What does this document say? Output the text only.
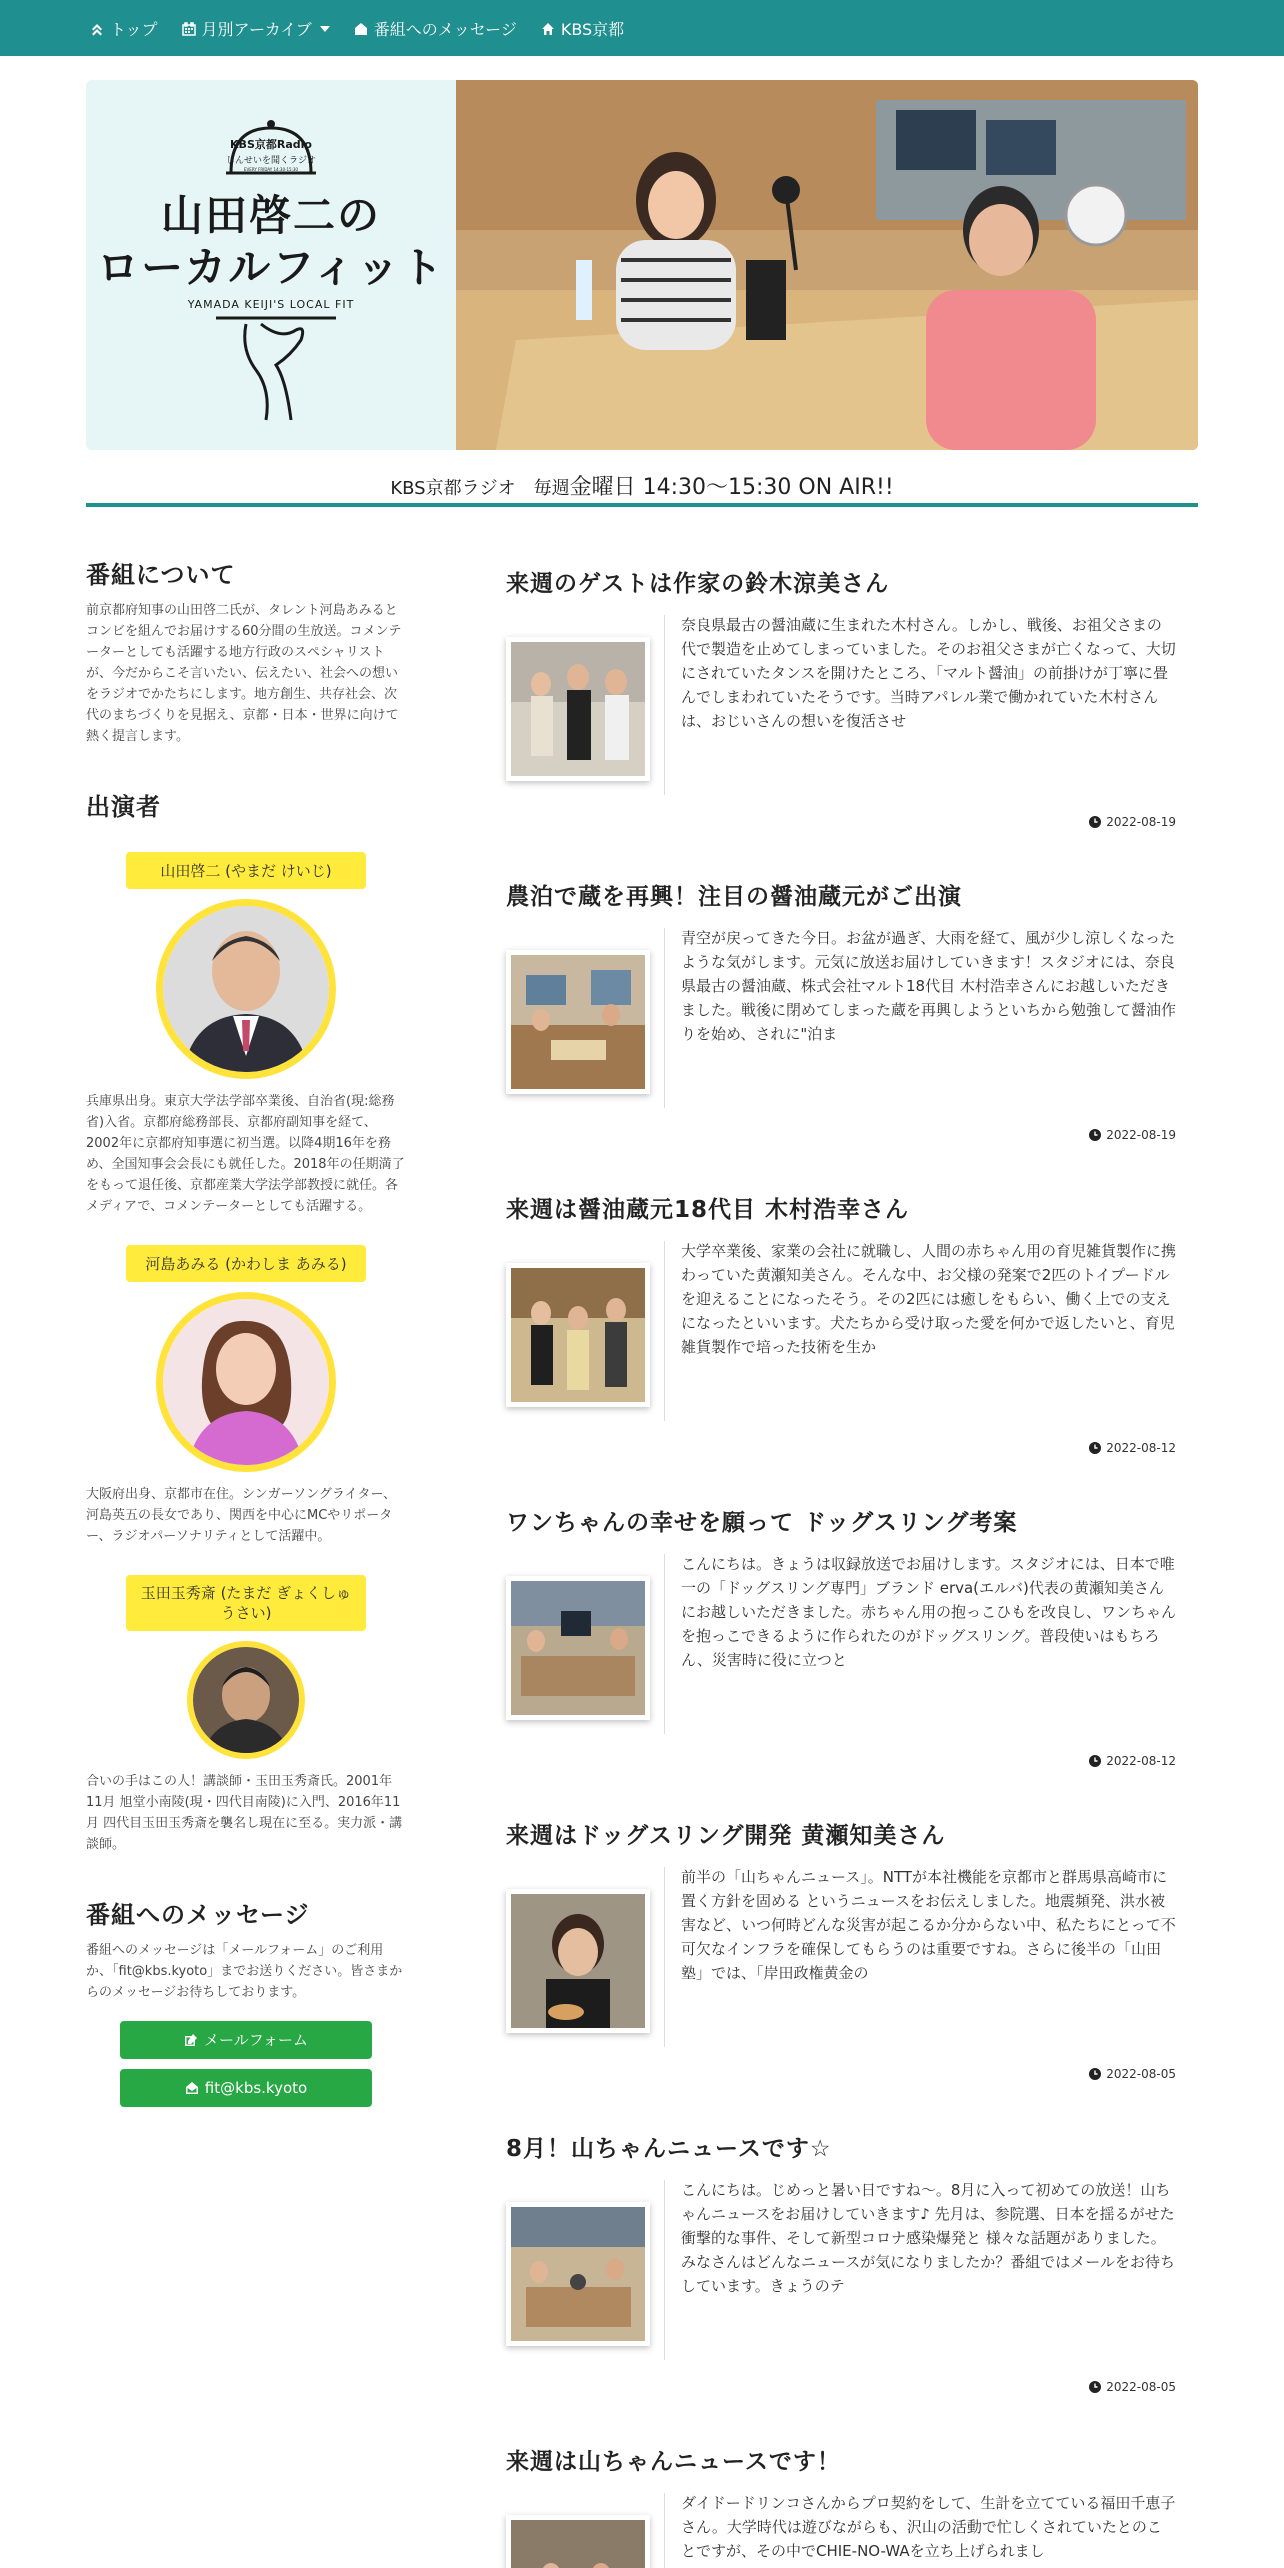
トップ	月別アーカイブ	番組へのメッセージ	KBS京都
KBS京都Radio
じんせいを聞くラジオ
EVERY FRIDAY 14:30-15:30
山田啓二の
ローカルフィット
YAMADA KEIJI'S LOCAL FIT
KBS京都ラジオ　毎週金曜日 14:30～15:30 ON AIR!!
番組について
前京都府知事の山田啓二氏が、タレント河島あみるとコンビを組んでお届けする60分間の生放送。コメンテーターとしても活躍する地方行政のスペシャリストが、今だからこそ言いたい、伝えたい、社会への想いをラジオでかたちにします。地方創生、共存社会、次代のまちづくりを見据え、京都・日本・世界に向けて熱く提言します。
出演者
山田啓二 (やまだ けいじ)
兵庫県出身。東京大学法学部卒業後、自治省(現:総務省)入省。京都府総務部長、京都府副知事を経て、2002年に京都府知事選に初当選。以降4期16年を務め、全国知事会会長にも就任した。2018年の任期満了をもって退任後、京都産業大学法学部教授に就任。各メディアで、コメンテーターとしても活躍する。
河島あみる (かわしま あみる)
大阪府出身、京都市在住。シンガーソングライター、河島英五の長女であり、関西を中心にMCやリポーター、ラジオパーソナリティとして活躍中。
玉田玉秀斎 (たまだ ぎょくしゅうさい)
合いの手はこの人！講談師・玉田玉秀斎氏。2001年11月 旭堂小南陵(現・四代目南陵)に入門、2016年11月 四代目玉田玉秀斎を襲名し現在に至る。実力派・講談師。
番組へのメッセージ
番組へのメッセージは「メールフォーム」のご利用か、「fit@kbs.kyoto」までお送りください。皆さまからのメッセージお待ちしております。
メールフォーム
fit@kbs.kyoto
来週のゲストは作家の鈴木涼美さん
奈良県最古の醤油蔵に生まれた木村さん。しかし、戦後、お祖父さまの代で製造を止めてしまっていました。そのお祖父さまが亡くなって、大切にされていたタンスを開けたところ、「マルト醤油」の前掛けが丁寧に畳んでしまわれていたそうです。当時アパレル業で働かれていた木村さんは、おじいさんの想いを復活させ
2022-08-19
農泊で蔵を再興！注目の醤油蔵元がご出演
青空が戻ってきた今日。お盆が過ぎ、大雨を経て、風が少し涼しくなったような気がします。元気に放送お届けしていきます！スタジオには、奈良県最古の醤油蔵、株式会社マルト18代目 木村浩幸さんにお越しいただきました。戦後に閉めてしまった蔵を再興しようといちから勉強して醤油作りを始め、されに"泊ま
2022-08-19
来週は醤油蔵元18代目 木村浩幸さん
大学卒業後、家業の会社に就職し、人間の赤ちゃん用の育児雑貨製作に携わっていた黄瀬知美さん。そんな中、お父様の発案で2匹のトイプードルを迎えることになったそう。その2匹には癒しをもらい、働く上での支えになったといいます。犬たちから受け取った愛を何かで返したいと、育児雑貨製作で培った技術を生か
2022-08-12
ワンちゃんの幸せを願って ドッグスリング考案
こんにちは。きょうは収録放送でお届けします。スタジオには、日本で唯一の「ドッグスリング専門」ブランド erva(エルバ)代表の黄瀬知美さんにお越しいただきました。赤ちゃん用の抱っこひもを改良し、ワンちゃんを抱っこできるように作られたのがドッグスリング。普段使いはもちろん、災害時に役に立つと
2022-08-12
来週はドッグスリング開発 黄瀬知美さん
前半の「山ちゃんニュース」。NTTが本社機能を京都市と群馬県高崎市に置く方針を固める というニュースをお伝えしました。地震頻発、洪水被害など、いつ何時どんな災害が起こるか分からない中、私たちにとって不可欠なインフラを確保してもらうのは重要ですね。さらに後半の「山田塾」では、「岸田政権黄金の
2022-08-05
8月！山ちゃんニュースです☆
こんにちは。じめっと暑い日ですね～。8月に入って初めての放送！山ちゃんニュースをお届けしていきます♪ 先月は、参院選、日本を揺るがせた衝撃的な事件、そして新型コロナ感染爆発と 様々な話題がありました。みなさんはどんなニュースが気になりましたか？番組ではメールをお待ちしています。きょうのテ
2022-08-05
来週は山ちゃんニュースです！
ダイドードリンコさんからプロ契約をして、生計を立てている福田千恵子さん。大学時代は遊びながらも、沢山の活動で忙しくされていたとのことですが、その中でCHIE-NO-WAを立ち上げられまし
